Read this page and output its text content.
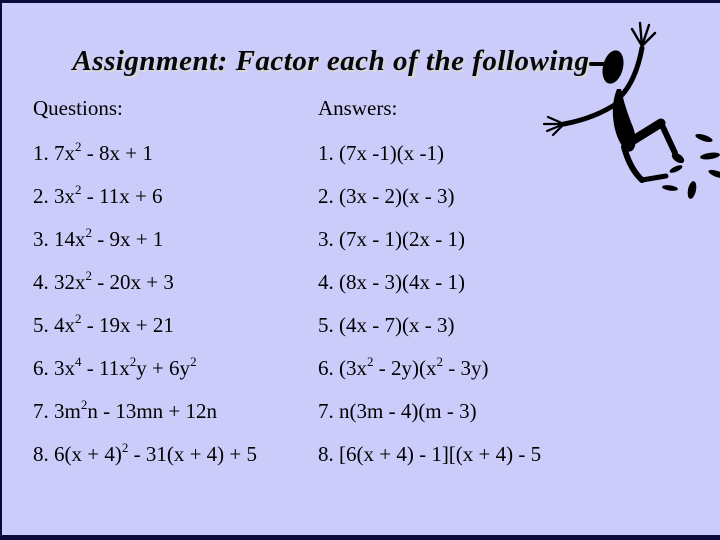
Assignment: Factor each of the following
Questions:
1. $7x^2 - 8x + 1$
2. $3x^2 - 11x + 6$
3. $14x^2 - 9x + 1$
4. $32x^2 - 20x + 3$
5. $4x^2 - 19x + 21$
6. $3x^4 - 11x^2y + 6y^2$
7. $3m^2n - 13mn + 12n$
8. $6(x + 4)^2 - 31(x + 4) + 5$
Answers:
1. (7x -1)(x -1)
2. (3x - 2)(x - 3)
3. (7x - 1)(2x - 1)
4. (8x - 3)(4x - 1)
5. (4x - 7)(x - 3)
6. $(3x^2 - 2y)(x^2 - 3y)$
7. n(3m - 4)(m - 3)
8. [6(x + 4) - 1][(x + 4) - 5
